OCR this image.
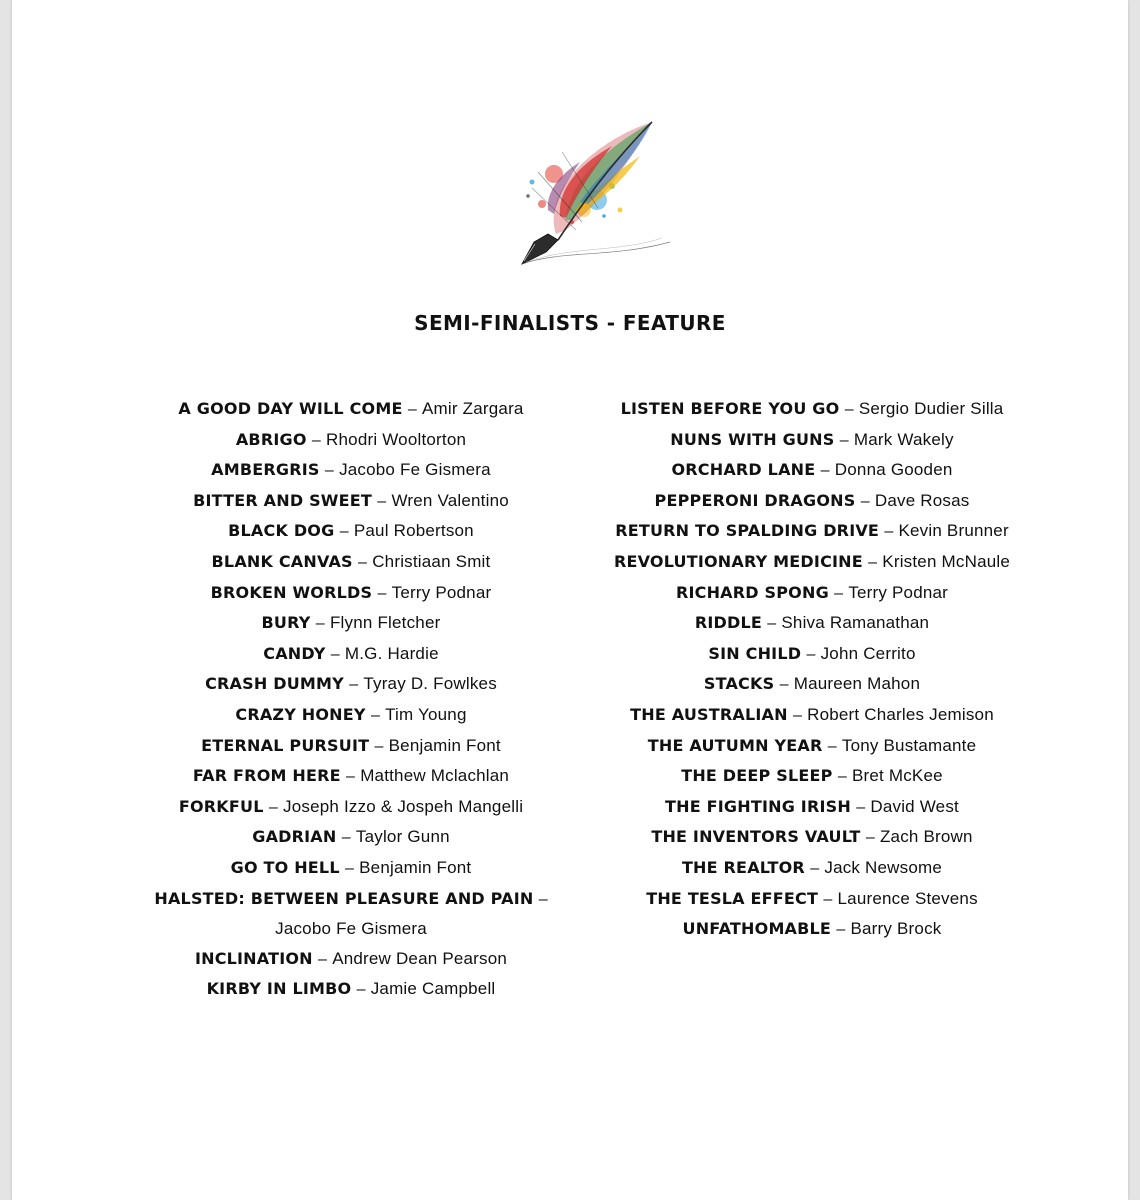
SEMI-FINALISTS - FEATURE

A GOOD DAY WILL COME – Amir Zargara

ABRIGO – Rhodri Wooltorton

AMBERGRIS – Jacobo Fe Gismera

BITTER AND SWEET – Wren Valentino

BLACK DOG – Paul Robertson

BLANK CANVAS – Christiaan Smit

BROKEN WORLDS – Terry Podnar

BURY – Flynn Fletcher

CANDY – M.G. Hardie

CRASH DUMMY – Tyray D. Fowlkes

CRAZY HONEY – Tim Young

ETERNAL PURSUIT – Benjamin Font

FAR FROM HERE – Matthew Mclachlan

FORKFUL – Joseph Izzo & Jospeh Mangelli

GADRIAN – Taylor Gunn

GO TO HELL – Benjamin Font

HALSTED: BETWEEN PLEASURE AND PAIN – Jacobo Fe Gismera

INCLINATION – Andrew Dean Pearson

KIRBY IN LIMBO – Jamie Campbell

LISTEN BEFORE YOU GO – Sergio Dudier Silla

NUNS WITH GUNS – Mark Wakely

ORCHARD LANE – Donna Gooden

PEPPERONI DRAGONS – Dave Rosas

RETURN TO SPALDING DRIVE – Kevin Brunner

REVOLUTIONARY MEDICINE – Kristen McNaule

RICHARD SPONG – Terry Podnar

RIDDLE – Shiva Ramanathan

SIN CHILD – John Cerrito

STACKS – Maureen Mahon

THE AUSTRALIAN – Robert Charles Jemison

THE AUTUMN YEAR – Tony Bustamante

THE DEEP SLEEP – Bret McKee

THE FIGHTING IRISH – David West

THE INVENTORS VAULT – Zach Brown

THE REALTOR – Jack Newsome

THE TESLA EFFECT – Laurence Stevens

UNFATHOMABLE – Barry Brock
